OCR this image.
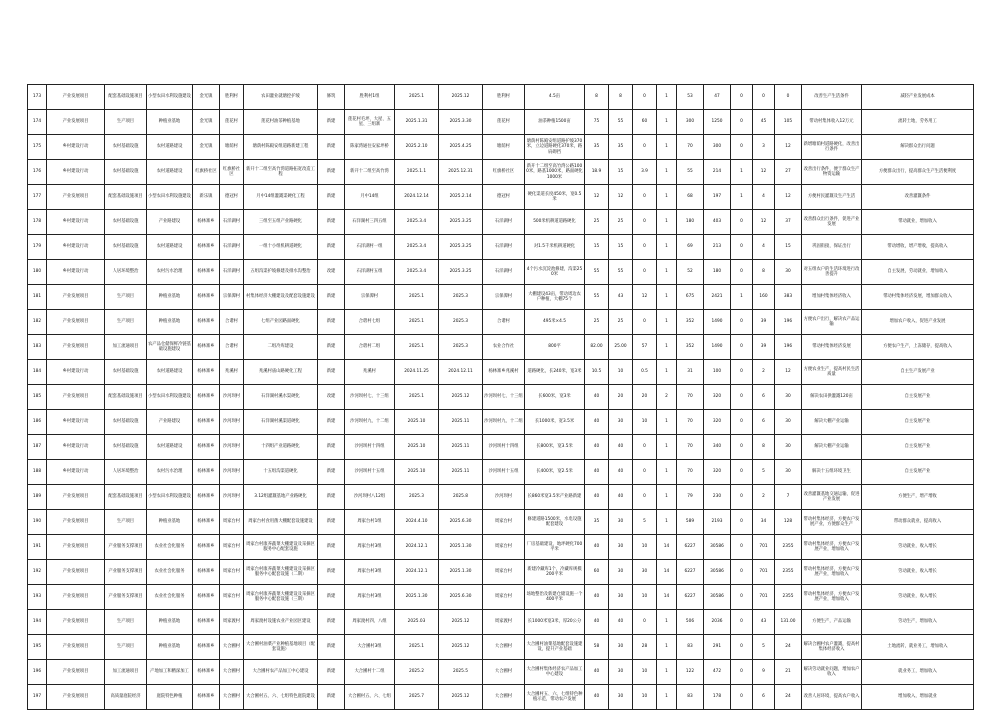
173	产业发展项目	配套基础设施项目	小型农田水利设施建设	金光镇	胜利村	农田灌业就塘挖护坡	修筑	胜利村1组	2025.1	2025.12	胜利村	4.5亩	8	8	0	1	53	47	0	0	0	改善生产生活条件	减轻产业发展成本
174	产业发展项目	生产项目	种植业基地	金光镇	莲花村	莲花村油茶种植基地	新建	莲花村毛坪、大屋、五星、三组寨	2025.1.31	2025.3.30	莲花村	油茶种植1500亩	75	55	60	1	300	1250	0	45	105	带动村集体收入12万元	流转土地，劳务用工
175	乡村建设行动	农村基础设施	农村道路建设	金光镇	塘荫村	塘荫村陈殿安组道路新建工程	新建	陈家湾通往安家坪桥	2025.2.10	2025.4.25	塘荫村	塘荫村陈殿安组道路护坡370米，立边道路硬化370米，路肩砌挡	35	35	0	1	70	300	0	3	12	新增塘荫村道路硬化，改善出行条件	解决群众出行问题
176	乡村建设行动	农村基础设施	农村道路建设	红旗桥社区	红旗桥社区	新开十二组至高竹湾道路拓宽改造工程	新建	新开十二组至高竹湾	2025.1.1	2025.12.31	红旗桥社区	新开十二组至高竹湾公路1000米，路基1000米，路面硬化1000米	18.9	15	3.9	1	55	214	1	12	27	改善出行条件，便于群众生产物资运输	方便群众出行，提高群众生产生活便利度
177	产业发展项目	配套基础设施项目	小型农田水利设施建设	新乐镇	德冠村	月中14组灌溉渠硬化工程	新建	月中14组	2024.12.14	2025.2.14	德冠村	硬化渠道长度450米，宽0.5米	12	12	0	1	68	197	1	4	12	方便村民灌溉及生产生活	改善灌溉条件
178	乡村建设行动	农村基础设施	产业路建设	杨林寨乡	石洋湖村	三组至五组产业路硬化	新建	石洋湖村三四五组	2025.3.4	2025.3.25	石洋湖村	500米机耕道道路硬化	25	25	0	1	180	403	0	12	37	改善群众出行条件，促进产业发展	带动就业，增加收入
179	乡村建设行动	农村基础设施	农村道路建设	杨林寨乡	石洋湖村	一组十小组机耕道硬化	新建	石洋湖村一组	2025.3.4	2025.3.25	石洋湖村	对1.5千米机耕道硬化	15	15	0	1	69	213	0	4	15	巩固衔接，保证出行	带动增收，增产增收，提高收入
180	乡村建设行动	人居环境整治	农村污水治理	杨林寨乡	石洋湖村	五组沟渠护坡修建及排水沟整治	改建	石洋湖村五组	2025.3.4	2025.3.25	石洋湖村	4个污水沉淀池修建，沟渠250米	55	55	0	1	52	180	0	8	30	对五组农户的生活环境进行改善提升	自主发展，劳动就业，增加收入
181	产业发展项目	生产项目	种植业基地	杨林寨乡	宗保潭村	村集体经济大棚建设及配套设施建设	新建	宗保潭村	2025.1	2025.3	宗保潭村	大棚建设43亩，带动周边农户种植，大棚75个	55	43	12	1	675	2421	1	160	383	增加村集体经济收入	带动村集体经济发展，增加群众收入
182	产业发展项目	生产项目	种植业基地	杨林寨乡	合谐村	七组产业园路面硬化	新建	合谐村七组	2025.1	2025.3	合谐村	495米×4.5	25	25	0	1	352	1490	0	39	196	方便农户出行，解决农产品运输	增加农户收入，促进产业发展
183	产业发展项目	加工流通项目	农产品仓储保鲜冷链基础设施建设	杨林寨乡	合谐村	二组冷库建设	新建	合谐村二组	2025.1	2025.3	农业合作社	800平	82.00	25.00	57	1	352	1490	0	39	196	带动村集体经济发展	方便农户生产，上冻储存，提高收入
184	乡村建设行动	农村基础设施	农村道路建设	杨林寨乡	兆溪村	兆溪村庙山路硬化工程	新建	兆溪村	2024.11.25	2024.12.11	杨林寨乡兆溪村	道路硬化，长240米，宽3米	10.5	10	0.5	1	31	100	0	2	12	方便农业生产，提高村民生活质量	自主生产发展产业
185	产业发展项目	配套基础设施项目	小型农田水利设施建设	杨林寨乡	沙河坝村	石洋湖村溪水渠硬化	改建	沙河坝村七、十三组	2025.1	2025.12	沙河坝村七、十三组	长600米，宽3米	40	20	20	2	70	320	0	6	30	解决农田供灌溉120亩	自主发展产业
186	乡村建设行动	农村基础设施	产业路建设	杨林寨乡	沙河坝村	石洋湖村溪渠道硬化	新建	沙河坝村九、十二组	2025.10	2025.11	沙河坝村九、十二组	长1000米，宽3.5米	40	30	10	1	70	320	0	6	30	解决大棚产业运输	自主发展产业
187	乡村建设行动	农村基础设施	农村道路建设	杨林寨乡	沙河坝村	十四组产业道路硬化	新建	沙河坝村十四组	2025.10	2025.11	沙河坝村十四组	长800米，宽3.5米	40	40	0	1	70	340	0	8	30	解决大棚产业运输	自主发展产业
188	乡村建设行动	人居环境整治	农村污水治理	杨林寨乡	沙河坝村	十五组沟渠道硬化	新建	沙河坝村十五组	2025.10	2025.11	沙河坝村十五组	长400米，宽2.5米	40	40	0	1	70	320	0	5	30	解决十五组环境卫生	自主发展产业
189	产业发展项目	配套基础设施项目	小型农田水利设施建设	杨林寨乡	沙河坝村	3.12组灌溉基地产业路硬化	新建	沙河坝村八12组	2025.3	2025.8	沙河坝村	长860米宽3.5米产业路新建	40	40	0	1	79	230	0	2	7	改善灌溉基地交通运输，促进产业发展	方便生产，增产增收
190	产业发展项目	生产项目	种植业基地	杨林寨乡	周家台村	周家台村食用菌大棚配套设施建设	新建	周家台村1组	2024.4.10	2025.6.30	周家台村	修建道路1500米，水电设施配套建设	35	30	5	1	589	2193	0	34	128	带动村集体经济，方便农户发展产业，方便群众生产	带动群众就业，提高收入
191	产业发展项目	产业服务支撑项目	农业社会化服务	杨林寨乡	周家台村	周家台村康养蔬菜大棚建设及采摘区服务中心配套设施	新建	周家台村3组	2024.12.1	2025.1.30	周家台村	厂房基础建设，地坪硬化700平米	40	30	10	14	6227	30586	0	701	2355	带动村集体经济，方便农户发展产业，增加收入	劳动就业，收入增长
192	产业发展项目	产业服务支撑项目	农业社会化服务	杨林寨乡	周家台村	周家台村康养蔬菜大棚建设及采摘区服务中心配套设施（二期）	新建	周家台村3组	2024.12.1	2025.1.30	周家台村	新建冷藏库1个，冷藏库规模200平米	60	30	30	14	6227	30586	0	701	2355	带动村集体经济，方便农户发展产业，增加收入	劳动就业，收入增长
193	产业发展项目	产业服务支撑项目	农业社会化服务	杨林寨乡	周家台村	周家台村康养蔬菜大棚建设及采摘区服务中心配套设施（三期）	新建	周家台村3组	2025.1.30	2025.6.30	周家台村	场地整治及新建仓储设施一个400平米	40	30	10	14	6227	30586	0	701	2355	带动村集体经济，方便农户发展产业，增加收入	劳动就业，收入增长
194	产业发展项目	生产项目	种植业基地	杨林寨乡	周家渡村	周家渡村设施农业产业园区建设	新建	周家渡村四、八组	2025.03	2025.12	周家渡村	长1000米宽3米，厚20公分	40	40	0	1	506	2036	0	43	131.00	方便生产，产品运输	劳动生产，增加收入
195	产业发展项目	生产项目	种植业基地	杨林寨乡	大合圃村	大合圃村油菜产业种植基地项目（配套设施）	新建	大合圃村3组	2025.1	2025.12	大合圃村	大合圃村油菜基地配套设施建设，提升产业基础	58	30	28	1	83	291	0	5	24	解决合圃村农户灌溉，提高村集体经济收入	土地流转，就业务工，增加收入
196	产业发展项目	加工流通项目	产地加工和精深加工	杨林寨乡	大合圃村	大合圃村农产品加工中心建设	新建	大合圃村十二组	2025.2	2025.5	大合圃村	大合圃村集体经济农产品加工中心建设	40	30	10	1	122	472	0	9	21	解决劳动就业问题，增加农户收入	就业务工，增加收入
197	产业发展项目	高质量庭院经济	庭院特色种植	杨林寨乡	大合圃村	大合圃村五、六、七组特色庭院建设	新建	大合圃村五、六、七组	2025.7	2025.12	大合圃村	大合圃村五、六、七组特色种植示范，带动农户发展	40	30	10	1	83	178	0	6	24	改善人居环境，提高农户收入	增加收入，增加就业
